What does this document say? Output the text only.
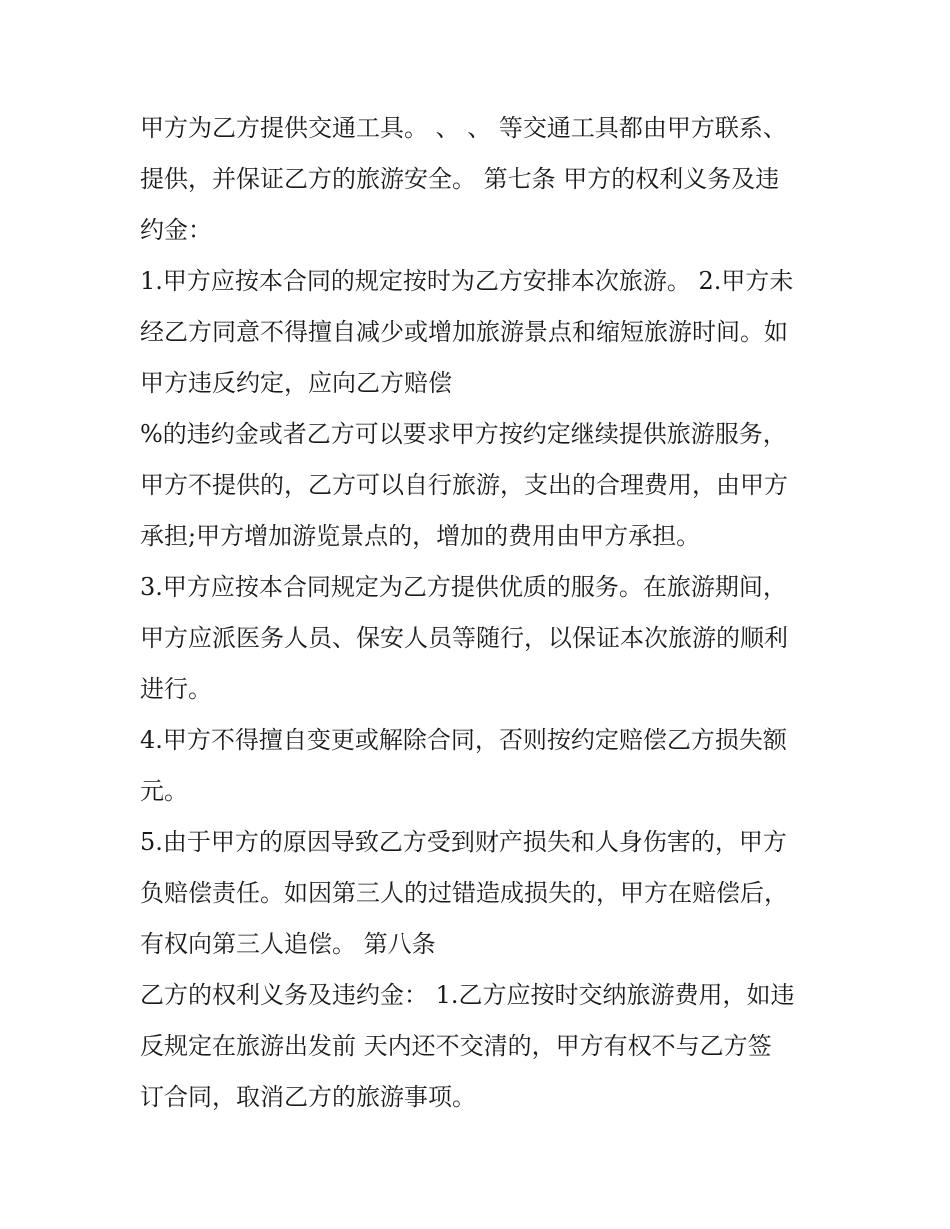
甲方为乙方提供交通工具。 、 、 等交通工具都由甲方联系、
提供，并保证乙方的旅游安全。 第七条 甲方的权利义务及违
约金：
1.甲方应按本合同的规定按时为乙方安排本次旅游。 2.甲方未
经乙方同意不得擅自减少或增加旅游景点和缩短旅游时间。如
甲方违反约定，应向乙方赔偿
%的违约金或者乙方可以要求甲方按约定继续提供旅游服务，
甲方不提供的，乙方可以自行旅游，支出的合理费用，由甲方
承担;甲方增加游览景点的，增加的费用由甲方承担。
3.甲方应按本合同规定为乙方提供优质的服务。在旅游期间，
甲方应派医务人员、保安人员等随行，以保证本次旅游的顺利
进行。
4.甲方不得擅自变更或解除合同，否则按约定赔偿乙方损失额
元。
5.由于甲方的原因导致乙方受到财产损失和人身伤害的，甲方
负赔偿责任。如因第三人的过错造成损失的，甲方在赔偿后，
有权向第三人追偿。 第八条
乙方的权利义务及违约金： 1.乙方应按时交纳旅游费用，如违
反规定在旅游出发前 天内还不交清的，甲方有权不与乙方签
订合同，取消乙方的旅游事项。
